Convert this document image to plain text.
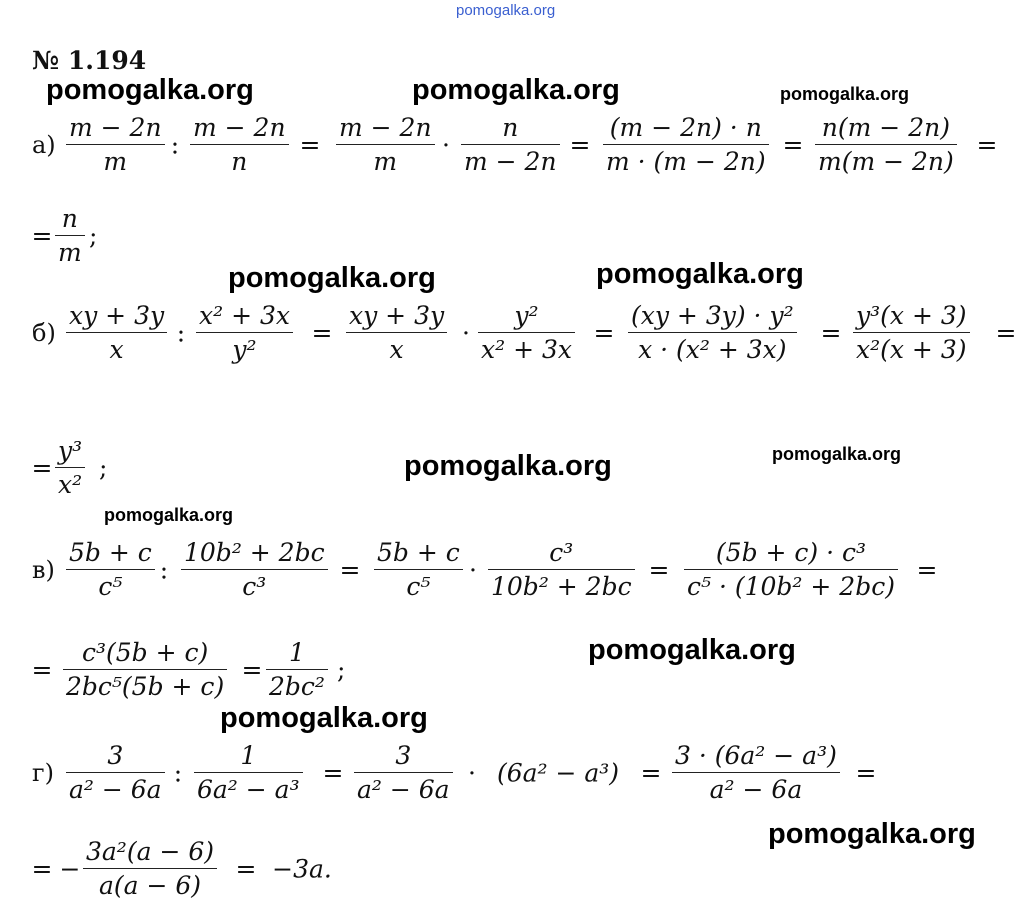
pomogalka.org
№ 1.194
pomogalka.org	pomogalka.org	pomogalka.org
pomogalka.org	pomogalka.org
pomogalka.org	pomogalka.org
pomogalka.org
pomogalka.org
pomogalka.org
pomogalka.org
а)
m − 2n
m
:
m − 2n
n
=
m − 2n
m
·
n
m − 2n
=
(m − 2n) · n
m · (m − 2n)
=
n(m − 2n)
m(m − 2n)
=
=
n
m
;
б)
xy + 3y
x
:
x² + 3x
y²
=
xy + 3y
x
·
y²
x² + 3x
=
(xy + 3y) · y²
x · (x² + 3x)
=
y³(x + 3)
x²(x + 3)
=
=
y³
x²
;
в)
5b + c
c⁵
:
10b² + 2bc
c³
=
5b + c
c⁵
·
c³
10b² + 2bc
=
(5b + c) · c³
c⁵ · (10b² + 2bc)
=
=
c³(5b + c)
2bc⁵(5b + c)
=
1
2bc²
;
г)
3
a² − 6a
:
1
6a² − a³
=
3
a² − 6a
· (6a² − a³) =
3 · (6a² − a³)
a² − 6a
=
= −
3a²(a − 6)
a(a − 6)
= −3a.
